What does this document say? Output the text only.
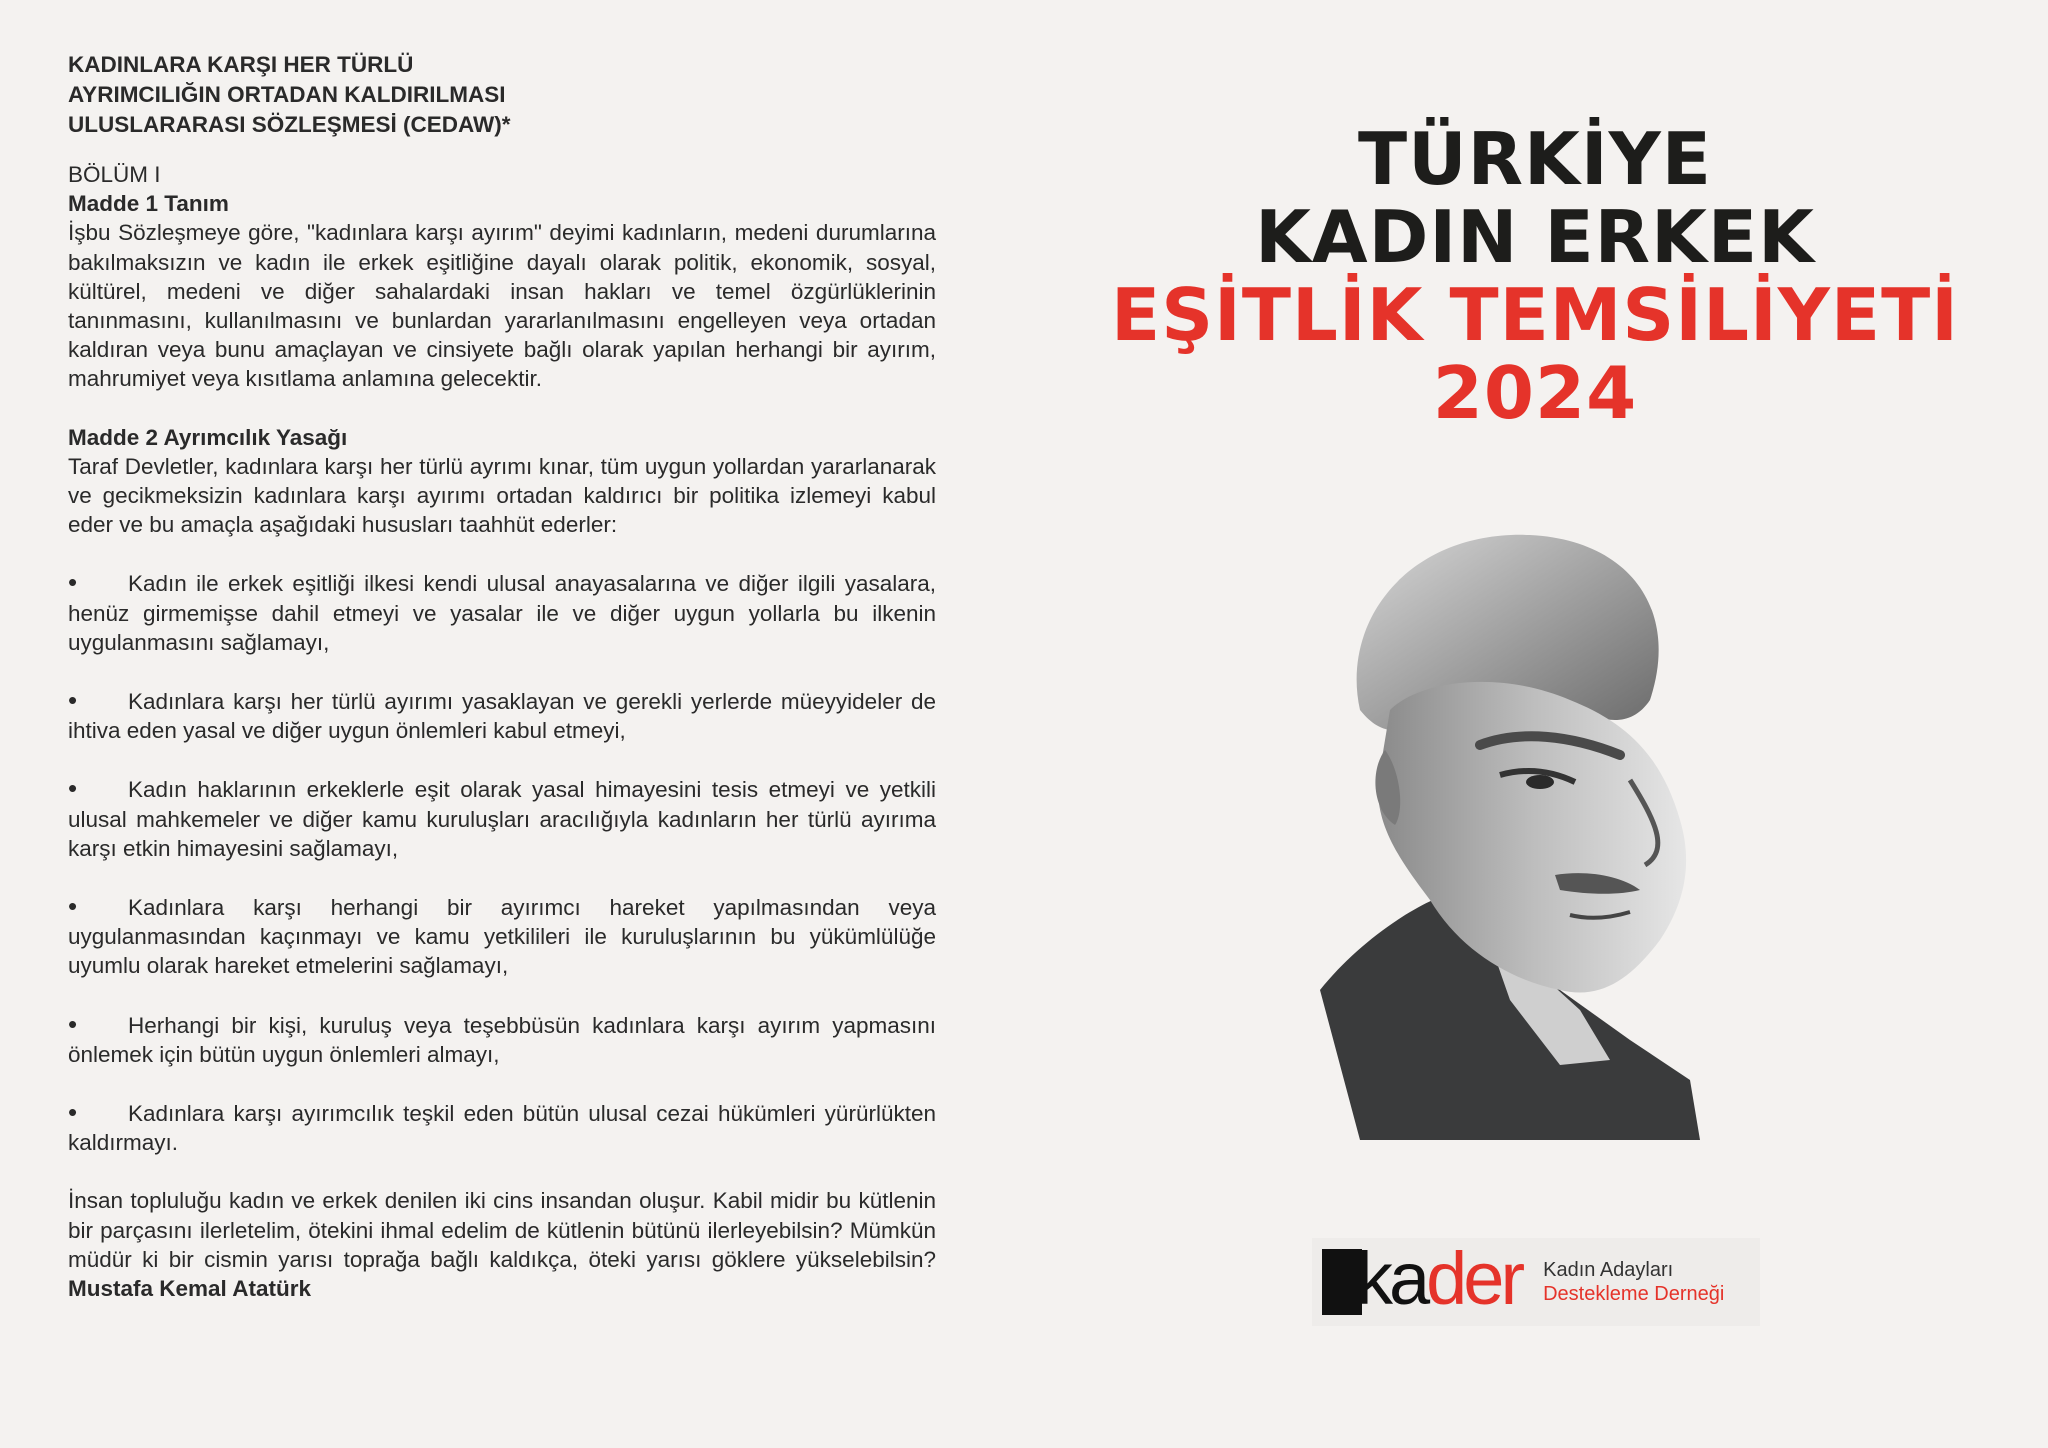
KADINLARA KARŞI HER TÜRLÜ
AYRIMCILIĞIN ORTADAN KALDIRILMASI
ULUSLARARASI SÖZLEŞMESİ (CEDAW)*
BÖLÜM I
Madde 1 Tanım

İşbu Sözleşmeye göre, "kadınlara karşı ayırım" deyimi kadınların, medeni durumlarına bakılmaksızın ve kadın ile erkek eşitliğine dayalı olarak politik, ekonomik, sosyal, kültürel, medeni ve diğer sahalardaki insan hakları ve temel özgürlüklerinin tanınmasını, kullanılmasını ve bunlardan yararlanılmasını engelleyen veya ortadan kaldıran veya bunu amaçlayan ve cinsiyete bağlı olarak yapılan herhangi bir ayırım, mahrumiyet veya kısıtlama anlamına gelecektir.

Madde 2 Ayrımcılık Yasağı

Taraf Devletler, kadınlara karşı her türlü ayrımı kınar, tüm uygun yollardan yararlanarak ve gecikmeksizin kadınlara karşı ayırımı ortadan kaldırıcı bir politika izlemeyi kabul eder ve bu amaçla aşağıdaki hususları taahhüt ederler:

• Kadın ile erkek eşitliği ilkesi kendi ulusal anayasalarına ve diğer ilgili yasalara, henüz girmemişse dahil etmeyi ve yasalar ile ve diğer uygun yollarla bu ilkenin uygulanmasını sağlamayı,

• Kadınlara karşı her türlü ayırımı yasaklayan ve gerekli yerlerde müeyyideler de ihtiva eden yasal ve diğer uygun önlemleri kabul etmeyi,

• Kadın haklarının erkeklerle eşit olarak yasal himayesini tesis etmeyi ve yetkili ulusal mahkemeler ve diğer kamu kuruluşları aracılığıyla kadınların her türlü ayırıma karşı etkin himayesini sağlamayı,

• Kadınlara karşı herhangi bir ayırımcı hareket yapılmasından veya uygulanmasından kaçınmayı ve kamu yetkilileri ile kuruluşlarının bu yükümlülüğe uyumlu olarak hareket etmelerini sağlamayı,

• Herhangi bir kişi, kuruluş veya teşebbüsün kadınlara karşı ayırım yapmasını önlemek için bütün uygun önlemleri almayı,

• Kadınlara karşı ayırımcılık teşkil eden bütün ulusal cezai hükümleri yürürlükten kaldırmayı.

İnsan topluluğu kadın ve erkek denilen iki cins insandan oluşur. Kabil midir bu kütlenin bir parçasını ilerletelim, ötekini ihmal edelim de kütlenin bütünü ilerleyebilsin? Mümkün müdür ki bir cismin yarısı toprağa bağlı kaldıkça, öteki yarısı göklere yükselebilsin? Mustafa Kemal Atatürk

TÜRKİYE
KADIN ERKEK
EŞİTLİK TEMSİLİYETİ
2024
kader Kadın Adayları
Destekleme Derneği
